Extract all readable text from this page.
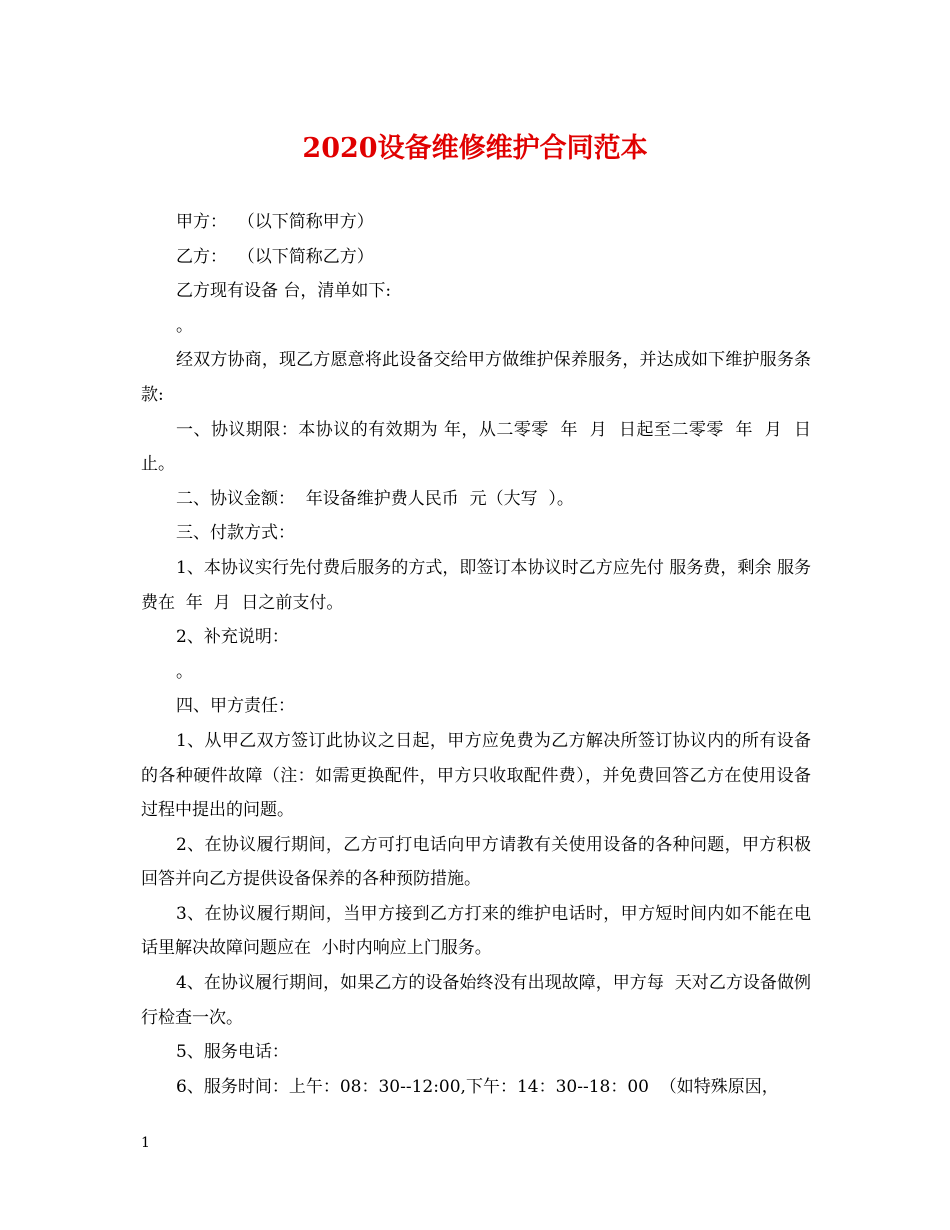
2020设备维修维护合同范本

甲方：  （以下简称甲方）

乙方：  （以下简称乙方）

乙方现有设备 台，清单如下:

。

经双方协商，现乙方愿意将此设备交给甲方做维护保养服务，并达成如下维护服务条款:

一、协议期限：本协议的有效期为 年，从二零零  年  月  日起至二零零  年  月  日止。

二、协议金额：  年设备维护费人民币  元（大写  ）。

三、付款方式：

1、本协议实行先付费后服务的方式，即签订本协议时乙方应先付 服务费，剩余 服务费在  年  月  日之前支付。

2、补充说明：

。

四、甲方责任：

1、从甲乙双方签订此协议之日起，甲方应免费为乙方解决所签订协议内的所有设备的各种硬件故障（注：如需更换配件，甲方只收取配件费），并免费回答乙方在使用设备过程中提出的问题。

2、在协议履行期间，乙方可打电话向甲方请教有关使用设备的各种问题，甲方积极回答并向乙方提供设备保养的各种预防措施。

3、在协议履行期间，当甲方接到乙方打来的维护电话时，甲方短时间内如不能在电话里解决故障问题应在  小时内响应上门服务。

4、在协议履行期间，如果乙方的设备始终没有出现故障，甲方每  天对乙方设备做例行检查一次。

5、服务电话：

6、服务时间：上午：08：30--12:00,下午：14：30--18：00  （如特殊原因，

1
